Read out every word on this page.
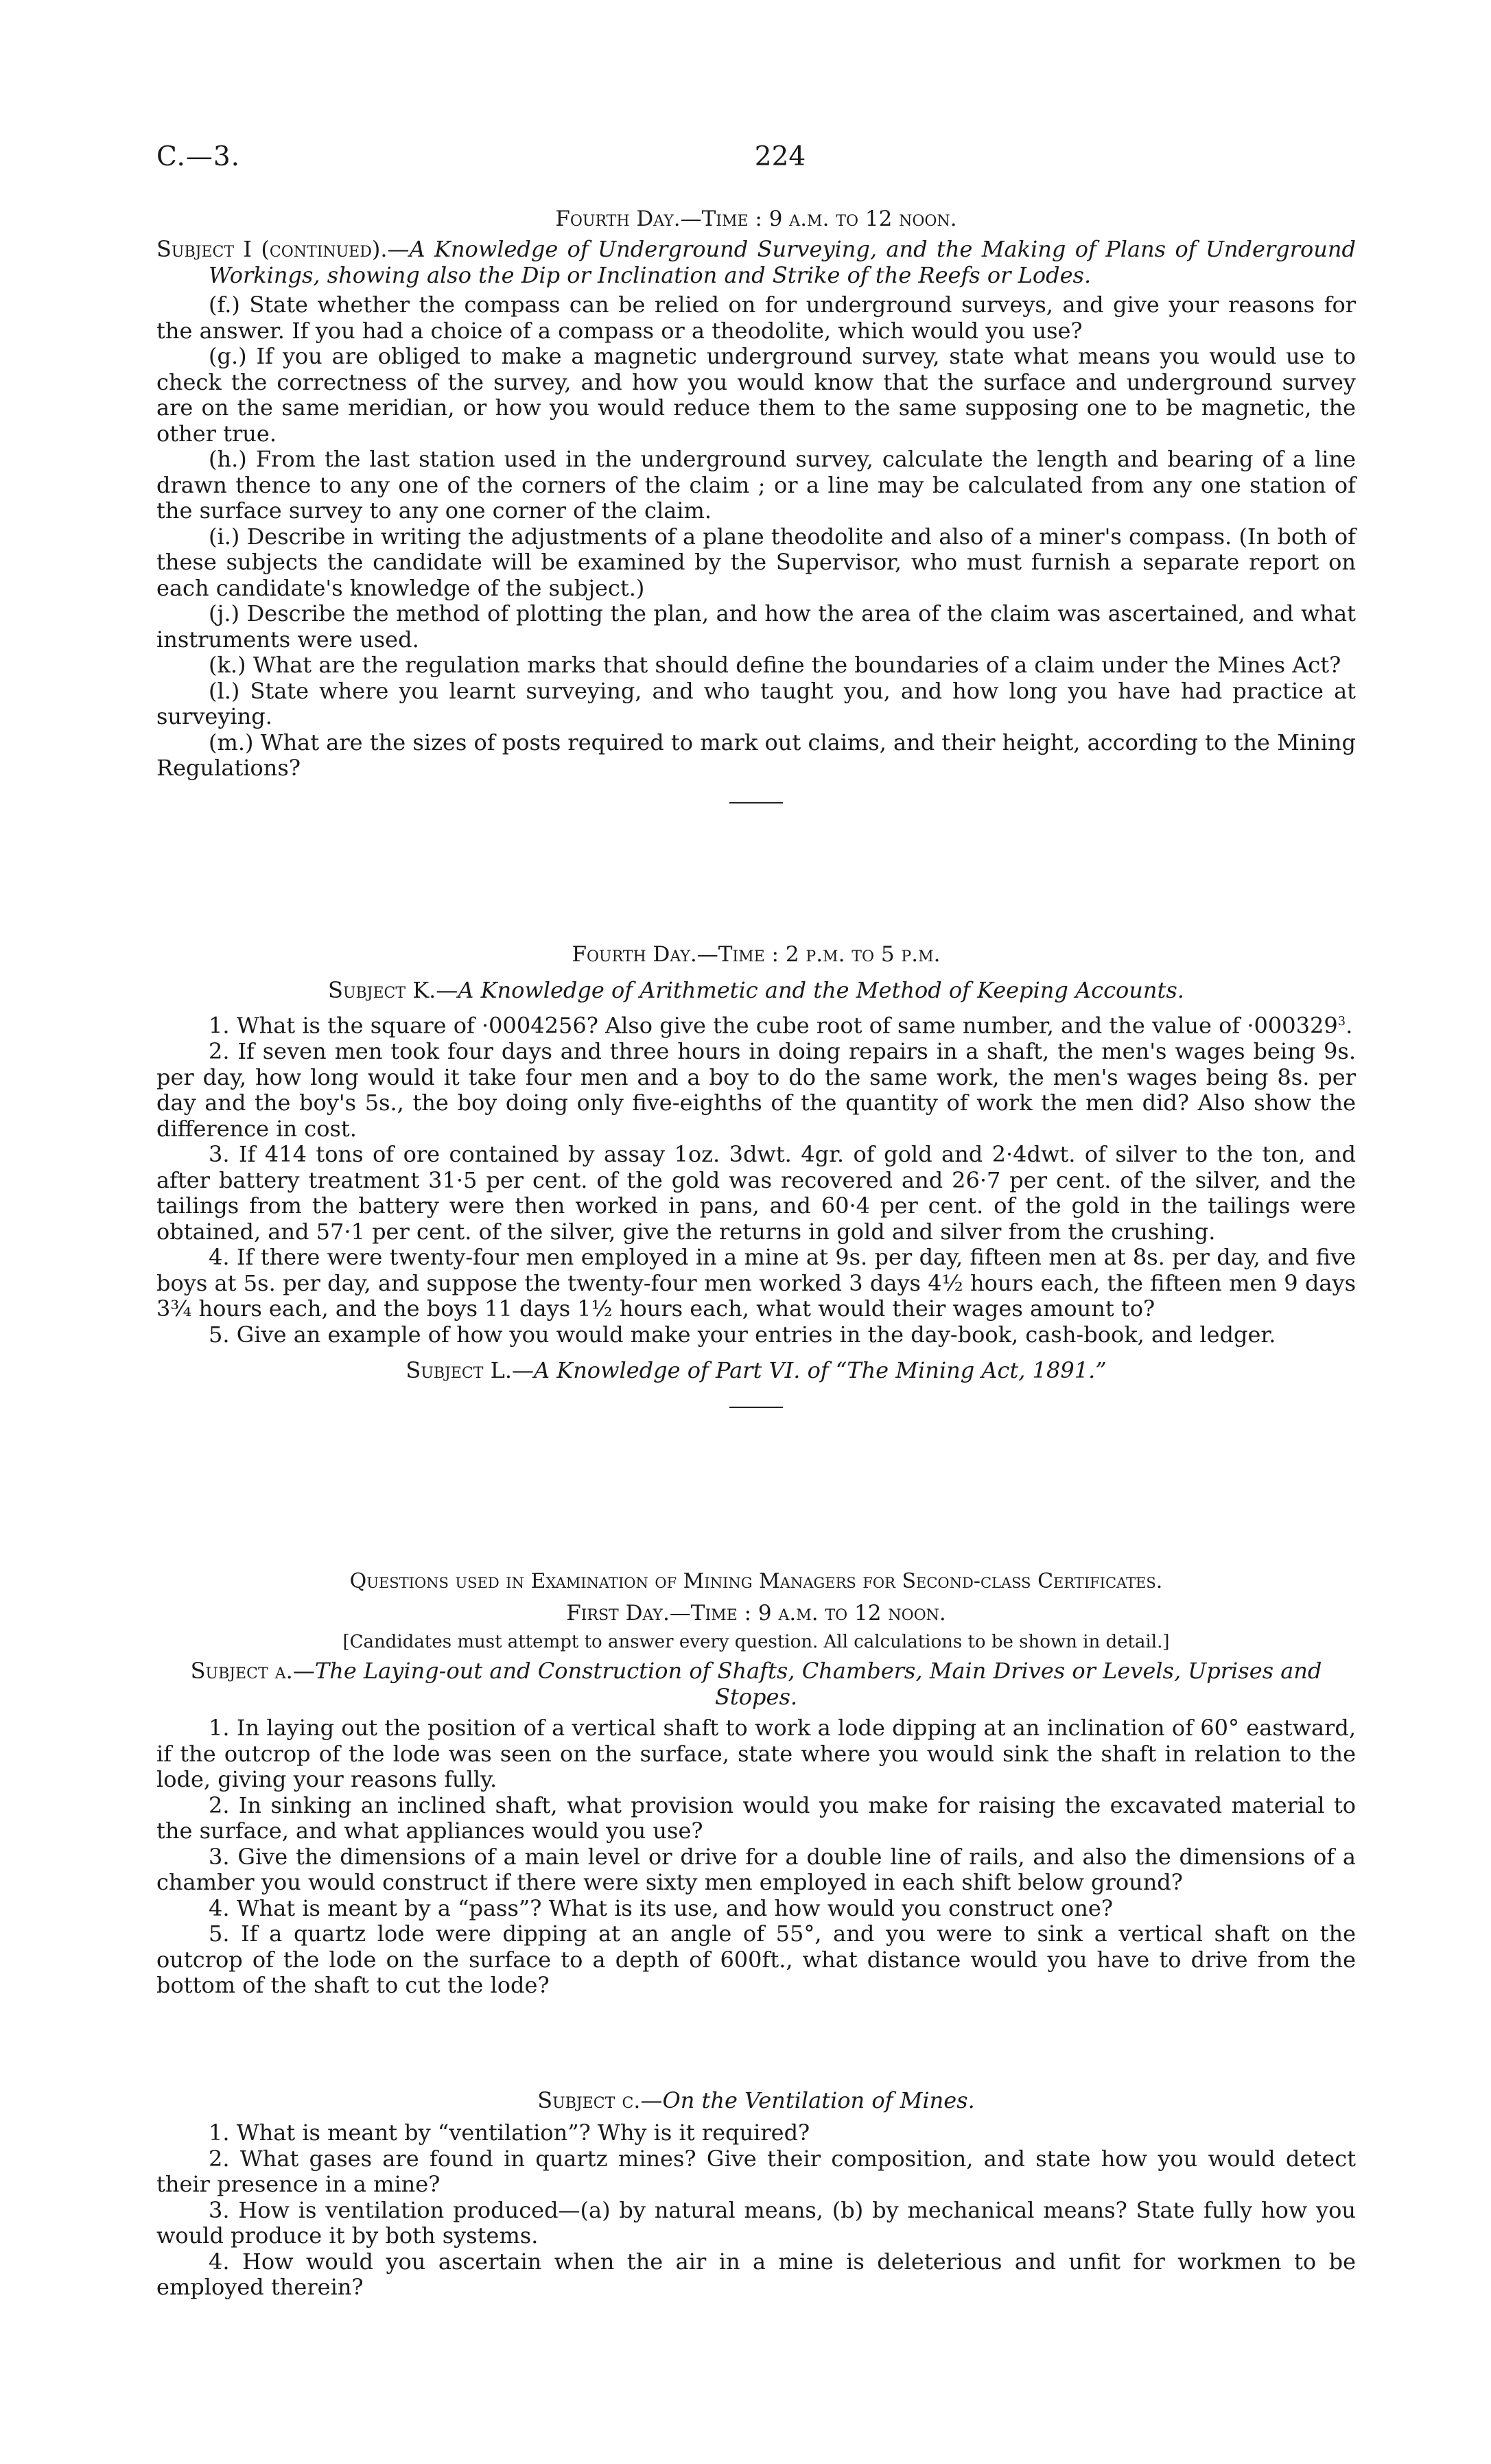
C.—3.	224
Fourth Day.—Time : 9 a.m. to 12 noon.
Subject I (continued).—A Knowledge of Underground Surveying, and the Making of Plans of Underground Workings, showing also the Dip or Inclination and Strike of the Reefs or Lodes.

(f.) State whether the compass can be relied on for underground surveys, and give your reasons for the answer. If you had a choice of a compass or a theodolite, which would you use?

(g.) If you are obliged to make a magnetic underground survey, state what means you would use to check the correctness of the survey, and how you would know that the surface and underground survey are on the same meridian, or how you would reduce them to the same supposing one to be magnetic, the other true.

(h.) From the last station used in the underground survey, calculate the length and bearing of a line drawn thence to any one of the corners of the claim ; or a line may be calculated from any one station of the surface survey to any one corner of the claim.

(i.) Describe in writing the adjustments of a plane theodolite and also of a miner's compass. (In both of these subjects the candidate will be examined by the Supervisor, who must furnish a separate report on each candidate's knowledge of the subject.)

(j.) Describe the method of plotting the plan, and how the area of the claim was ascertained, and what instruments were used.

(k.) What are the regulation marks that should define the boundaries of a claim under the Mines Act?

(l.) State where you learnt surveying, and who taught you, and how long you have had practice at surveying.

(m.) What are the sizes of posts required to mark out claims, and their height, according to the Mining Regulations?

Fourth Day.—Time : 2 p.m. to 5 p.m.
Subject K.—A Knowledge of Arithmetic and the Method of Keeping Accounts.

1. What is the square of ·0004256? Also give the cube root of same number, and the value of $\cdot 000329^3$.

2. If seven men took four days and three hours in doing repairs in a shaft, the men's wages being 9s. per day, how long would it take four men and a boy to do the same work, the men's wages being 8s. per day and the boy's 5s., the boy doing only five-eighths of the quantity of work the men did? Also show the difference in cost.

3. If 414 tons of ore contained by assay 1oz. 3dwt. 4gr. of gold and 2·4dwt. of silver to the ton, and after battery treatment 31·5 per cent. of the gold was recovered and 26·7 per cent. of the silver, and the tailings from the battery were then worked in pans, and 60·4 per cent. of the gold in the tailings were obtained, and 57·1 per cent. of the silver, give the returns in gold and silver from the crushing.

4. If there were twenty-four men employed in a mine at 9s. per day, fifteen men at 8s. per day, and five boys at 5s. per day, and suppose the twenty-four men worked 3 days 4½ hours each, the fifteen men 9 days 3¾ hours each, and the boys 11 days 1½ hours each, what would their wages amount to?

5. Give an example of how you would make your entries in the day-book, cash-book, and ledger.

Subject L.—A Knowledge of Part VI. of “The Mining Act, 1891.”
Questions used in Examination of Mining Managers for Second-class Certificates.
First Day.—Time : 9 a.m. to 12 noon.
[Candidates must attempt to answer every question. All calculations to be shown in detail.]
Subject a.—The Laying-out and Construction of Shafts, Chambers, Main Drives or Levels, Uprises and Stopes.

1. In laying out the position of a vertical shaft to work a lode dipping at an inclination of 60° eastward, if the outcrop of the lode was seen on the surface, state where you would sink the shaft in relation to the lode, giving your reasons fully.

2. In sinking an inclined shaft, what provision would you make for raising the excavated material to the surface, and what appliances would you use?

3. Give the dimensions of a main level or drive for a double line of rails, and also the dimensions of a chamber you would construct if there were sixty men employed in each shift below ground?

4. What is meant by a “pass”? What is its use, and how would you construct one?

5. If a quartz lode were dipping at an angle of 55°, and you were to sink a vertical shaft on the outcrop of the lode on the surface to a depth of 600ft., what distance would you have to drive from the bottom of the shaft to cut the lode?

Subject c.—On the Ventilation of Mines.

1. What is meant by “ventilation”? Why is it required?

2. What gases are found in quartz mines? Give their composition, and state how you would detect their presence in a mine?

3. How is ventilation produced—(a) by natural means, (b) by mechanical means? State fully how you would produce it by both systems.

4. How would you ascertain when the air in a mine is deleterious and unfit for workmen to be employed therein?
